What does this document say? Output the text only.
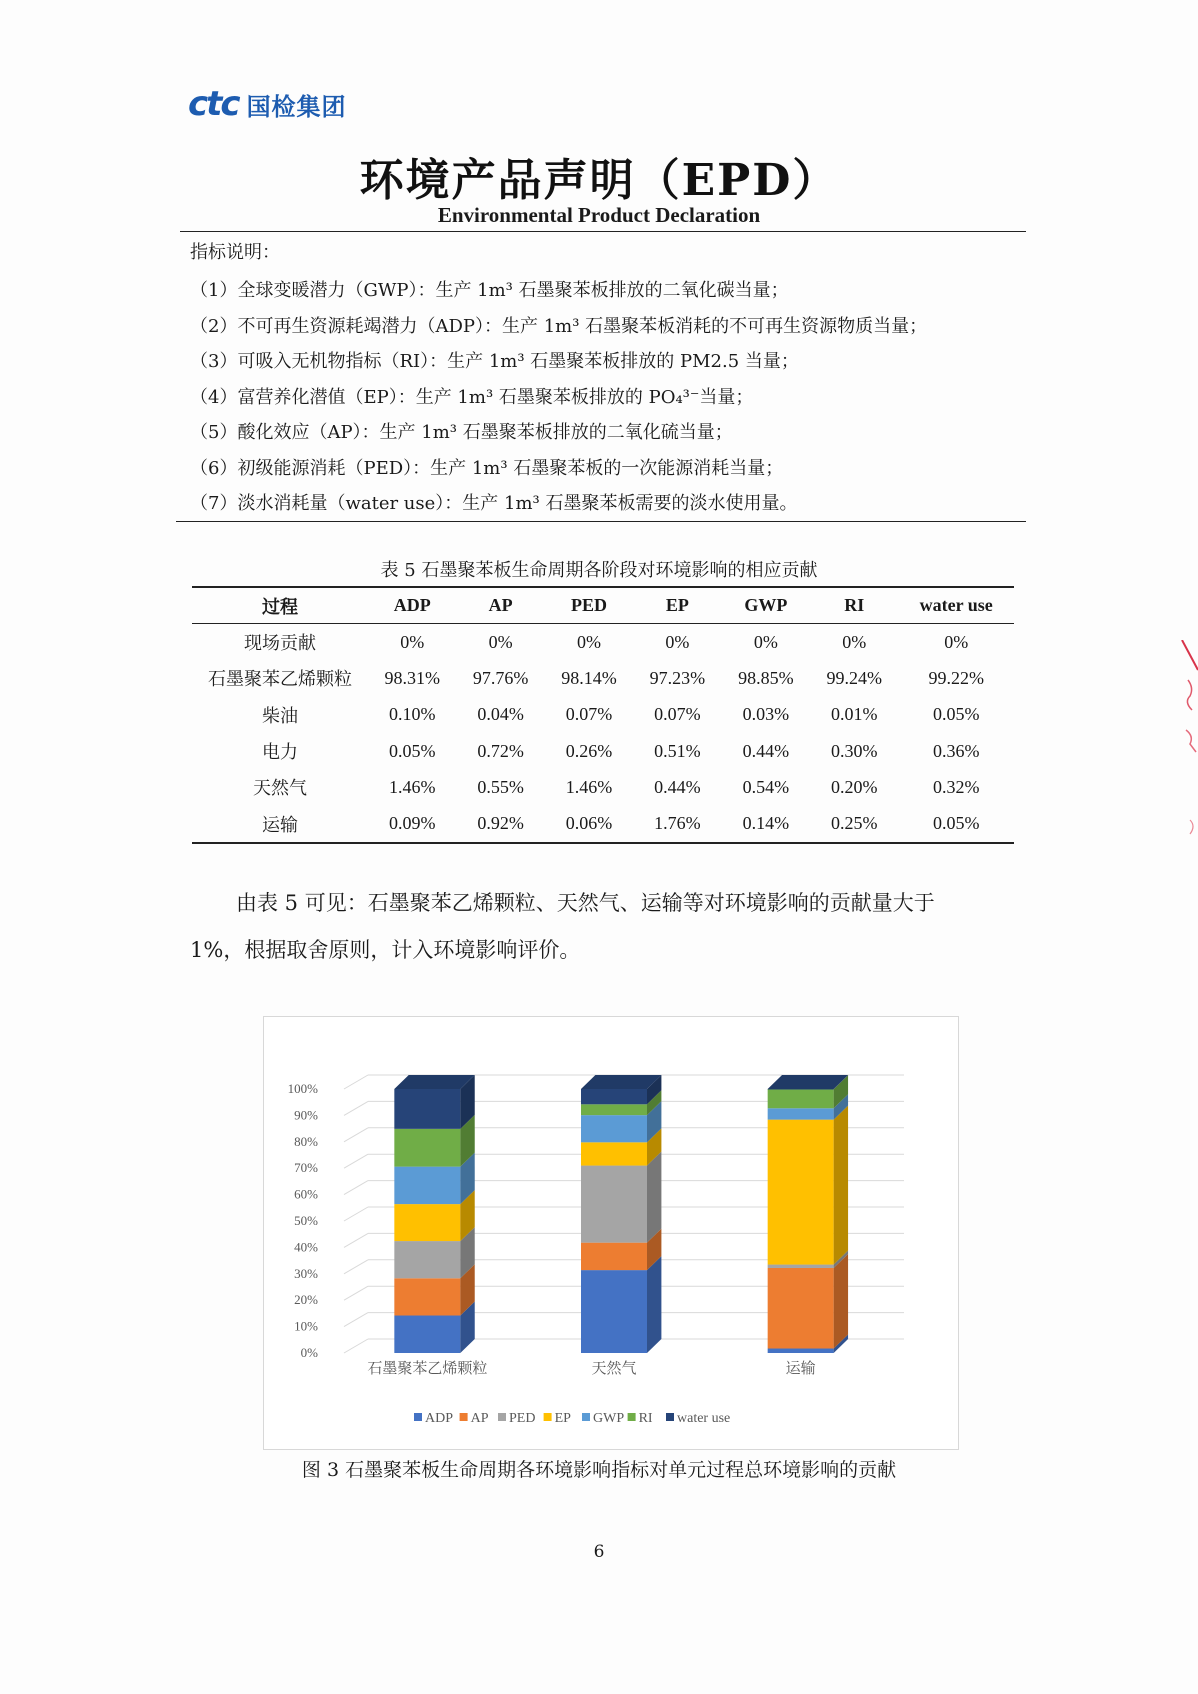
ctc 国检集团
环境产品声明（EPD）
Environmental Product Declaration
指标说明：
（1）全球变暖潜力（GWP）：生产 1m³ 石墨聚苯板排放的二氧化碳当量；
（2）不可再生资源耗竭潜力（ADP）：生产 1m³ 石墨聚苯板消耗的不可再生资源物质当量；
（3）可吸入无机物指标（RI）：生产 1m³ 石墨聚苯板排放的 PM2.5 当量；
（4）富营养化潜值（EP）：生产 1m³ 石墨聚苯板排放的 PO₄³⁻当量；
（5）酸化效应（AP）：生产 1m³ 石墨聚苯板排放的二氧化硫当量；
（6）初级能源消耗（PED）：生产 1m³ 石墨聚苯板的一次能源消耗当量；
（7）淡水消耗量（water use）：生产 1m³ 石墨聚苯板需要的淡水使用量。
表 5 石墨聚苯板生命周期各阶段对环境影响的相应贡献
过程	ADP	AP	PED	EP	GWP	RI	water use
现场贡献	0%	0%	0%	0%	0%	0%	0%
石墨聚苯乙烯颗粒	98.31%	97.76%	98.14%	97.23%	98.85%	99.24%	99.22%
柴油	0.10%	0.04%	0.07%	0.07%	0.03%	0.01%	0.05%
电力	0.05%	0.72%	0.26%	0.51%	0.44%	0.30%	0.36%
天然气	1.46%	0.55%	1.46%	0.44%	0.54%	0.20%	0.32%
运输	0.09%	0.92%	0.06%	1.76%	0.14%	0.25%	0.05%
由表 5 可见：石墨聚苯乙烯颗粒、天然气、运输等对环境影响的贡献量大于
1%，根据取舍原则，计入环境影响评价。
0%
10%
20%
30%
40%
50%
60%
70%
80%
90%
100%
石墨聚苯乙烯颗粒	天然气	运输
ADP AP PED EP GWP RI water use
图 3 石墨聚苯板生命周期各环境影响指标对单元过程总环境影响的贡献
6
